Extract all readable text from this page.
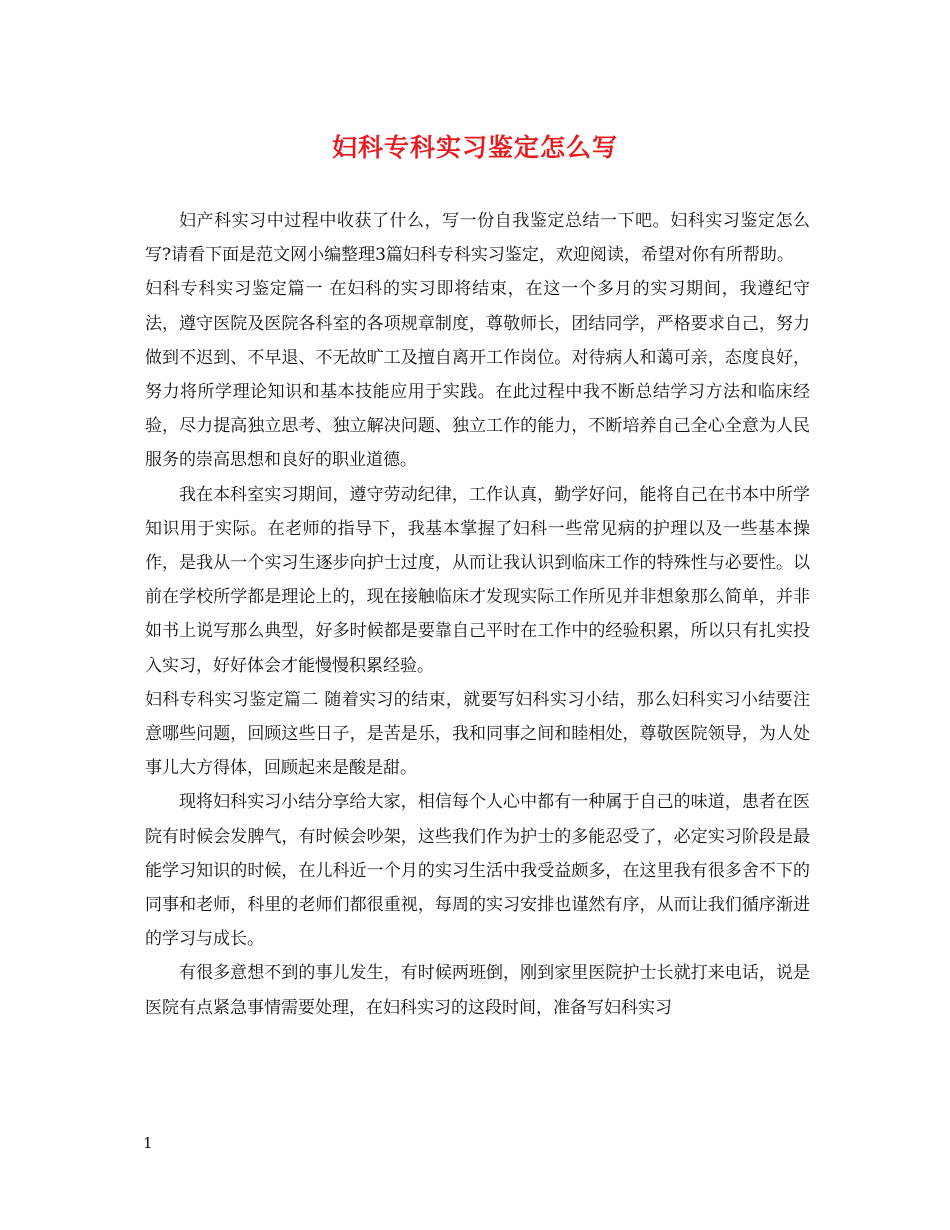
妇科专科实习鉴定怎么写

妇产科实习中过程中收获了什么，写一份自我鉴定总结一下吧。妇科实习鉴定怎么写?请看下面是范文网小编整理3篇妇科专科实习鉴定，欢迎阅读，希望对你有所帮助。

妇科专科实习鉴定篇一 在妇科的实习即将结束，在这一个多月的实习期间，我遵纪守法，遵守医院及医院各科室的各项规章制度，尊敬师长，团结同学，严格要求自己，努力做到不迟到、不早退、不无故旷工及擅自离开工作岗位。对待病人和蔼可亲，态度良好，努力将所学理论知识和基本技能应用于实践。在此过程中我不断总结学习方法和临床经验，尽力提高独立思考、独立解决问题、独立工作的能力，不断培养自己全心全意为人民服务的崇高思想和良好的职业道德。

我在本科室实习期间，遵守劳动纪律，工作认真，勤学好问，能将自己在书本中所学知识用于实际。在老师的指导下，我基本掌握了妇科一些常见病的护理以及一些基本操作，是我从一个实习生逐步向护士过度，从而让我认识到临床工作的特殊性与必要性。以前在学校所学都是理论上的，现在接触临床才发现实际工作所见并非想象那么简单，并非如书上说写那么典型，好多时候都是要靠自己平时在工作中的经验积累，所以只有扎实投入实习，好好体会才能慢慢积累经验。

妇科专科实习鉴定篇二 随着实习的结束，就要写妇科实习小结，那么妇科实习小结要注意哪些问题，回顾这些日子，是苦是乐，我和同事之间和睦相处，尊敬医院领导，为人处事儿大方得体，回顾起来是酸是甜。

现将妇科实习小结分享给大家，相信每个人心中都有一种属于自己的味道，患者在医院有时候会发脾气，有时候会吵架，这些我们作为护士的多能忍受了，必定实习阶段是最能学习知识的时候，在儿科近一个月的实习生活中我受益颇多，在这里我有很多舍不下的同事和老师，科里的老师们都很重视，每周的实习安排也谨然有序，从而让我们循序渐进的学习与成长。

有很多意想不到的事儿发生，有时候两班倒，刚到家里医院护士长就打来电话，说是医院有点紧急事情需要处理，在妇科实习的这段时间，准备写妇科实习

1
